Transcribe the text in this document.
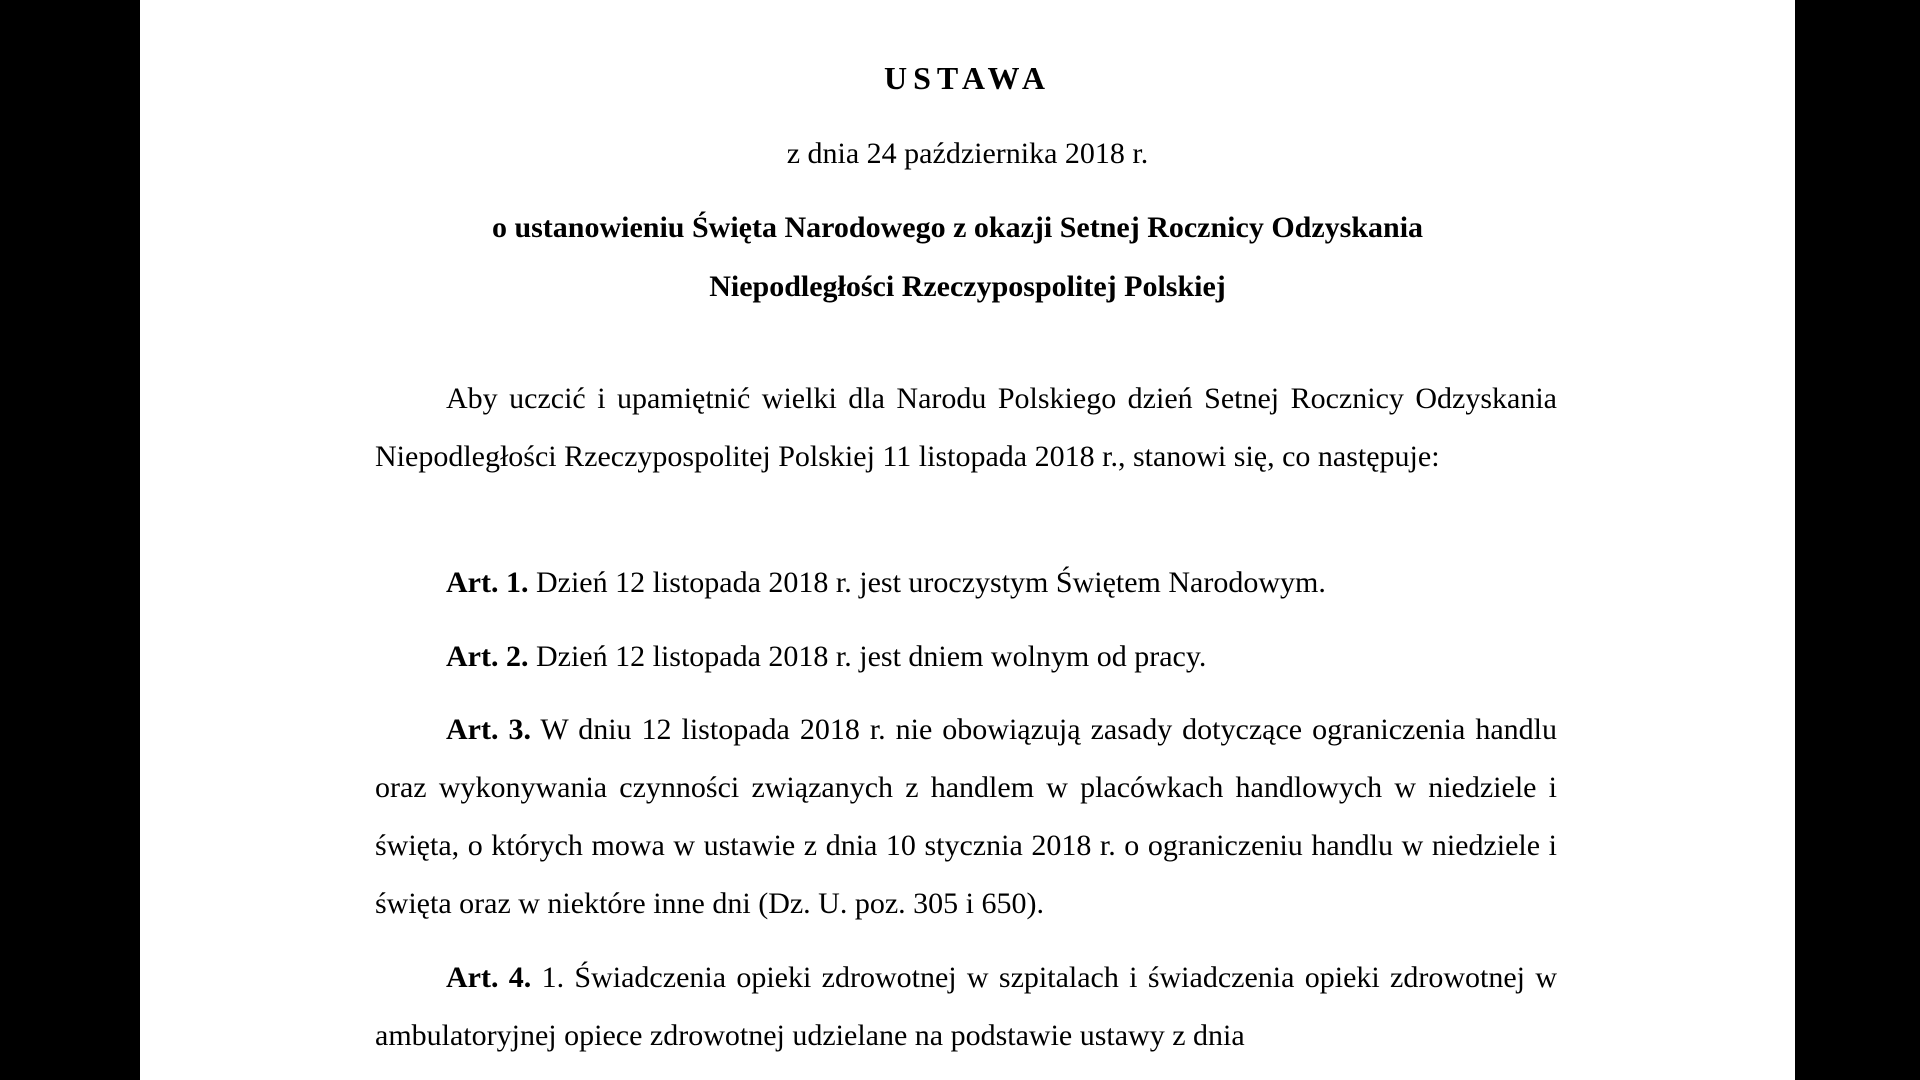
USTAWA
z dnia 24 października 2018 r.
o ustanowieniu Święta Narodowego z okazji Setnej Rocznicy Odzyskania
Niepodległości Rzeczypospolitej Polskiej

Aby uczcić i upamiętnić wielki dla Narodu Polskiego dzień Setnej Rocznicy Odzyskania Niepodległości Rzeczypospolitej Polskiej 11 listopada 2018 r., stanowi się, co następuje:

Art. 1. Dzień 12 listopada 2018 r. jest uroczystym Świętem Narodowym.

Art. 2. Dzień 12 listopada 2018 r. jest dniem wolnym od pracy.

Art. 3. W dniu 12 listopada 2018 r. nie obowiązują zasady dotyczące ograniczenia handlu oraz wykonywania czynności związanych z handlem w placówkach handlowych w niedziele i święta, o których mowa w ustawie z dnia 10 stycznia 2018 r. o ograniczeniu handlu w niedziele i święta oraz w niektóre inne dni (Dz. U. poz. 305 i 650).

Art. 4. 1. Świadczenia opieki zdrowotnej w szpitalach i świadczenia opieki zdrowotnej w ambulatoryjnej opiece zdrowotnej udzielane na podstawie ustawy z dnia
